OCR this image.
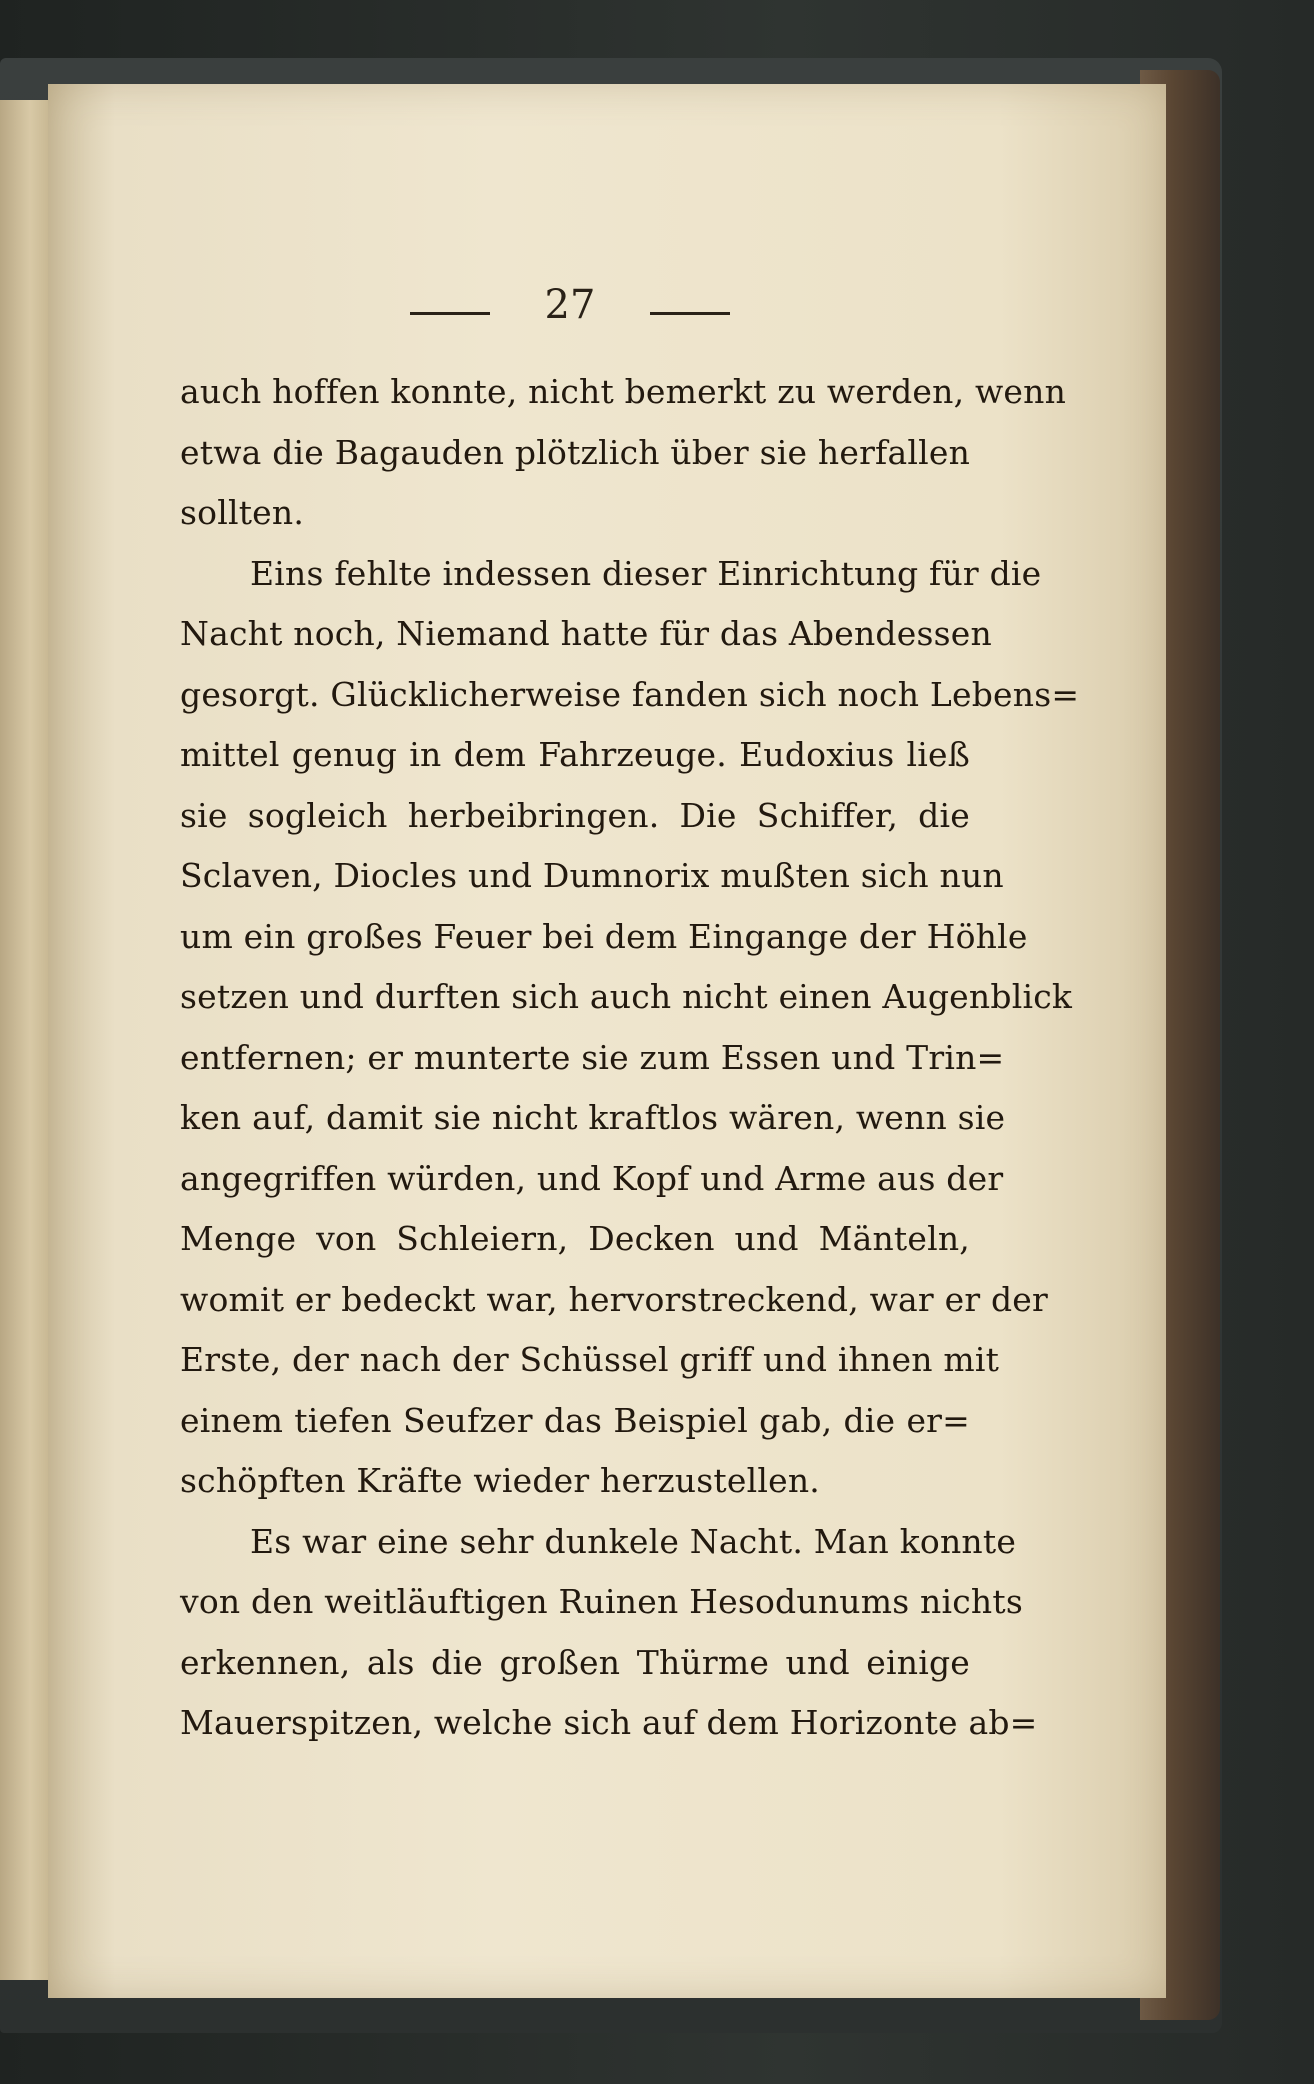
27
auch hoffen konnte, nicht bemerkt zu werden, wenn
etwa die Bagauden plötzlich über sie herfallen
sollten.
Eins fehlte indessen dieser Einrichtung für die
Nacht noch, Niemand hatte für das Abendessen
gesorgt. Glücklicherweise fanden sich noch Lebens=
mittel genug in dem Fahrzeuge. Eudoxius ließ
sie sogleich herbeibringen. Die Schiffer, die
Sclaven, Diocles und Dumnorix mußten sich nun
um ein großes Feuer bei dem Eingange der Höhle
setzen und durften sich auch nicht einen Augenblick
entfernen; er munterte sie zum Essen und Trin=
ken auf, damit sie nicht kraftlos wären, wenn sie
angegriffen würden, und Kopf und Arme aus der
Menge von Schleiern, Decken und Mänteln,
womit er bedeckt war, hervorstreckend, war er der
Erste, der nach der Schüssel griff und ihnen mit
einem tiefen Seufzer das Beispiel gab, die er=
schöpften Kräfte wieder herzustellen.
Es war eine sehr dunkele Nacht. Man konnte
von den weitläuftigen Ruinen Hesodunums nichts
erkennen, als die großen Thürme und einige
Mauerspitzen, welche sich auf dem Horizonte ab=
